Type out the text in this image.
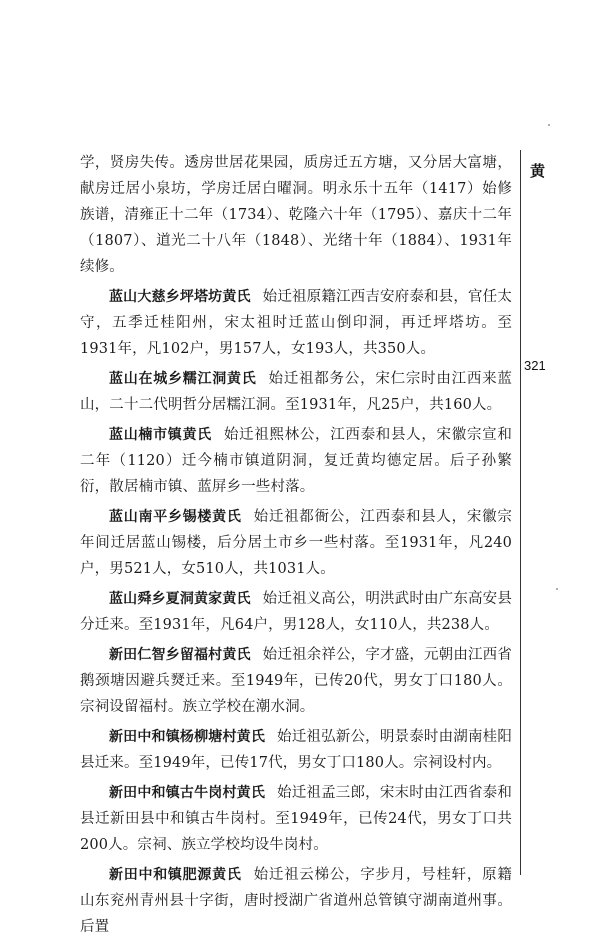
学，贤房失传。透房世居花果园，质房迁五方塘，又分居大富塘，献房迁居小泉坊，学房迁居白曜洞。明永乐十五年（1417）始修族谱，清雍正十二年（1734）、乾隆六十年（1795）、嘉庆十二年（1807）、道光二十八年（1848）、光绪十年（1884）、1931年续修。

蓝山大慈乡坪塔坊黄氏 始迁祖原籍江西吉安府泰和县，官任太守，五季迁桂阳州，宋太祖时迁蓝山倒印洞，再迁坪塔坊。至1931年，凡102户，男157人，女193人，共350人。

蓝山在城乡糯江洞黄氏 始迁祖都务公，宋仁宗时由江西来蓝山，二十二代明哲分居糯江洞。至1931年，凡25户，共160人。

蓝山楠市镇黄氏 始迁祖熙林公，江西泰和县人，宋徽宗宣和二年（1120）迁今楠市镇道阴洞，复迁黄均德定居。后子孙繁衍，散居楠市镇、蓝屏乡一些村落。

蓝山南平乡锡楼黄氏 始迁祖都衙公，江西泰和县人，宋徽宗年间迁居蓝山锡楼，后分居土市乡一些村落。至1931年，凡240户，男521人，女510人，共1031人。

蓝山舜乡夏洞黄家黄氏 始迁祖义高公，明洪武时由广东高安县分迁来。至1931年，凡64户，男128人，女110人，共238人。

新田仁智乡留福村黄氏 始迁祖余祥公，字才盛，元朝由江西省鹅颈塘因避兵燹迁来。至1949年，已传20代，男女丁口180人。宗祠设留福村。族立学校在潮水洞。

新田中和镇杨柳塘村黄氏 始迁祖弘新公，明景泰时由湖南桂阳县迁来。至1949年，已传17代，男女丁口180人。宗祠设村内。

新田中和镇古牛岗村黄氏 始迁祖孟三郎，宋末时由江西省泰和县迁新田县中和镇古牛岗村。至1949年，已传24代，男女丁口共200人。宗祠、族立学校均设牛岗村。

新田中和镇肥源黄氏 始迁祖云梯公，字步月，号桂轩，原籍山东兖州青州县十字街，唐时授湖广省道州总管镇守湖南道州事。后置

黄
321
